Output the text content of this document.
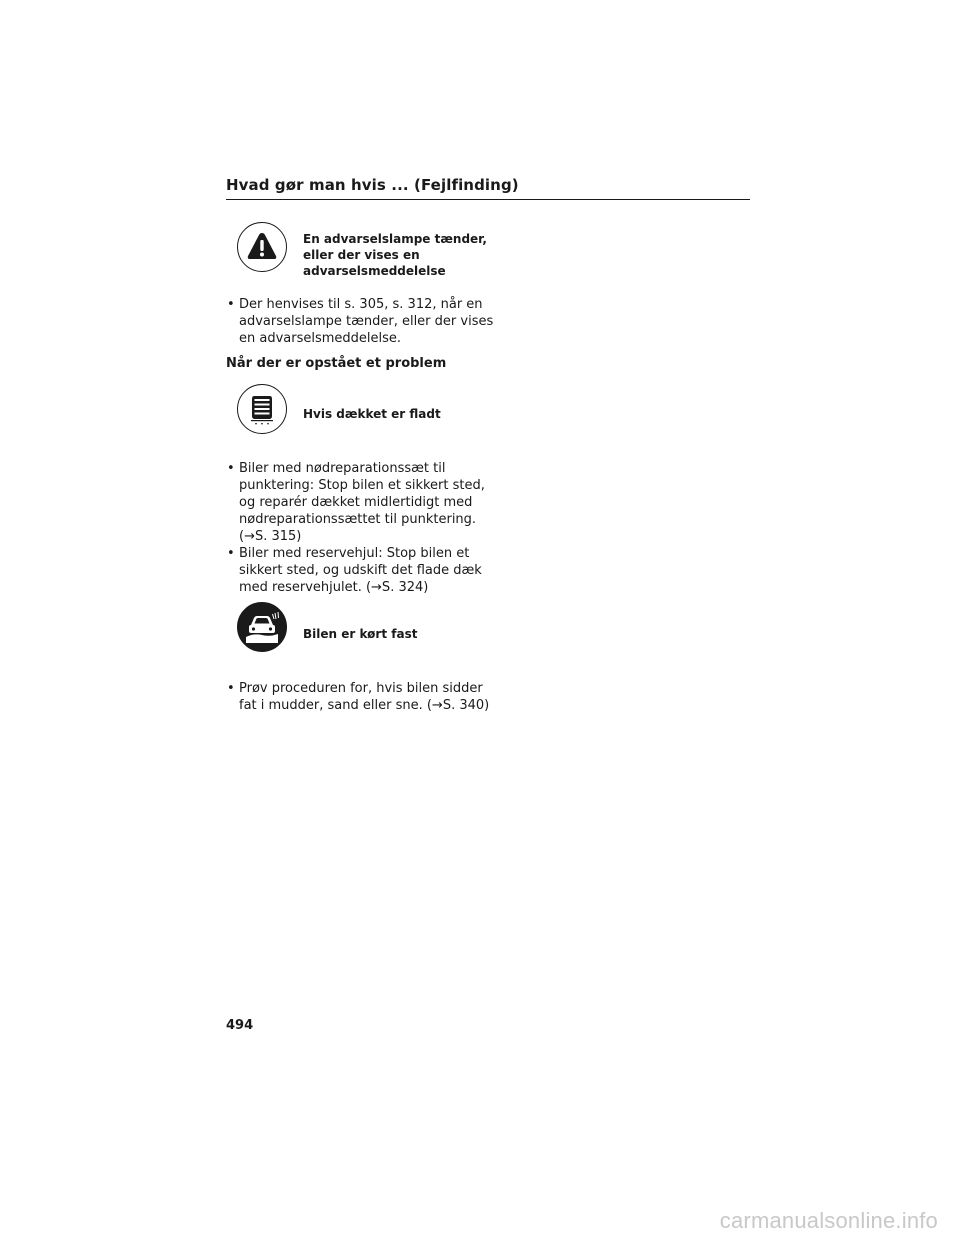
Hvad gør man hvis ... (Fejlfinding)
En advarselslampe tænder,
eller der vises en
advarselsmeddelelse
• Der henvises til s. 305, s. 312, når en
advarselslampe tænder, eller der vises
en advarselsmeddelelse.
Når der er opstået et problem
Hvis dækket er fladt
• Biler med nødreparationssæt til
punktering: Stop bilen et sikkert sted,
og reparér dækket midlertidigt med
nødreparationssættet til punktering.
(→S. 315)
• Biler med reservehjul: Stop bilen et
sikkert sted, og udskift det flade dæk
med reservehjulet. (→S. 324)
Bilen er kørt fast
• Prøv proceduren for, hvis bilen sidder
fat i mudder, sand eller sne. (→S. 340)
494
carmanualsonline.info
